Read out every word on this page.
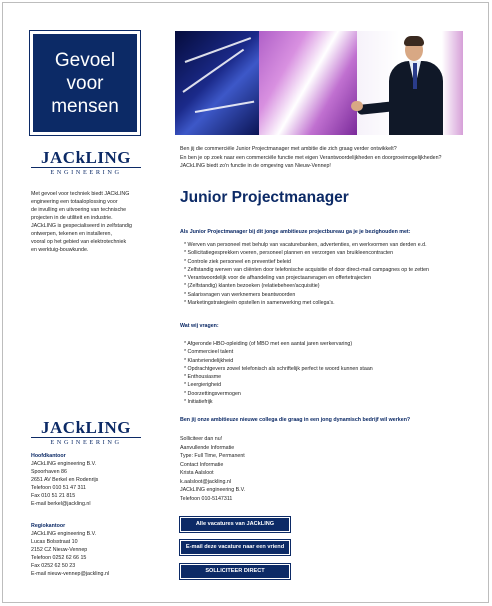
Gevoel
voor
mensen
JACkLING
ENGINEERING
Met gevoel voor techniek biedt JACkLING
engineering een totaaloplossing voor
de invulling en uitvoering van technische
projecten in de utiliteit en industrie.
JACkLING is gespecialiseerd in zelfstandig
ontwerpen, tekenen en installeren,
vooral op het gebied van elektrotechniek
en werktuig-bouwkunde.
JACkLING
ENGINEERING
Hoofdkantoor
JACkLING engineering B.V.
Spoorhaven 86
2651 AV Berkel en Rodenrijs
Telefoon 010 51 47 311
Fax 010 51 21 815
E-mail berkel@jackling.nl
Regiokantoor
JACkLING engineering B.V.
Lucas Bolsstraat 10
2152 CZ Nieuw-Vennep
Telefoon 0252 62 66 15
Fax 0252 62 50 23
E-mail nieuw-vennep@jackling.nl
Ben jij die commerciële Junior Projectmanager met ambitie die zich graag verder ontwikkelt?
En ben je op zoek naar een commerciële functie met eigen Verantwoordelijkheden en doorgroeimogelijkheden?
JACkLING biedt zo'n functie in de omgeving van Nieuw-Vennep!
Junior Projectmanager
Als Junior Projectmanager bij dit jonge ambitieuze projectbureau ga je je bezighouden met:
* Werven van personeel met behulp van vacaturebanken, advertenties, en werkvormen van derden e.d.
* Sollicitatiegesprekken voeren, personeel plannen en verzorgen van bruikleencontracten
* Controle ziek personeel en preventief beleid
* Zelfstandig werven van cliënten door telefonische acquisitie of door direct-mail campagnes op te zetten
* Verantwoordelijk voor de afhandeling van projectaanvragen en offertetrajecten
* (Zelfstandig) klanten bezoeken (relatiebeheer/acquisitie)
* Salarisvragen van werknemers beantwoorden
* Marketingstrategieën opstellen in samenwerking met collega's.
Wat wij vragen:
* Afgeronde HBO-opleiding (of MBO met een aantal jaren werkervaring)
* Commercieel talent
* Klantvriendelijkheid
* Opdrachtgevers zowel telefonisch als schriftelijk perfect te woord kunnen staan
* Enthousiasme
* Leergierigheid
* Doorzettingsvermogen
* Initiatiefrijk
Ben jij onze ambitieuze nieuwe collega die graag in een jong dynamisch bedrijf wil werken?
Solliciteer dan nu!
Aanvullende Informatie
Type: Full Time, Permanent
Contact Informatie
Krista Aalsloot
k.aalsloot@jackling.nl
JACkLING engineering B.V.
Telefoon 010-5147311
Alle vacatures van JACkLING
E-mail deze vacature naar een vriend
SOLLICITEER DIRECT
